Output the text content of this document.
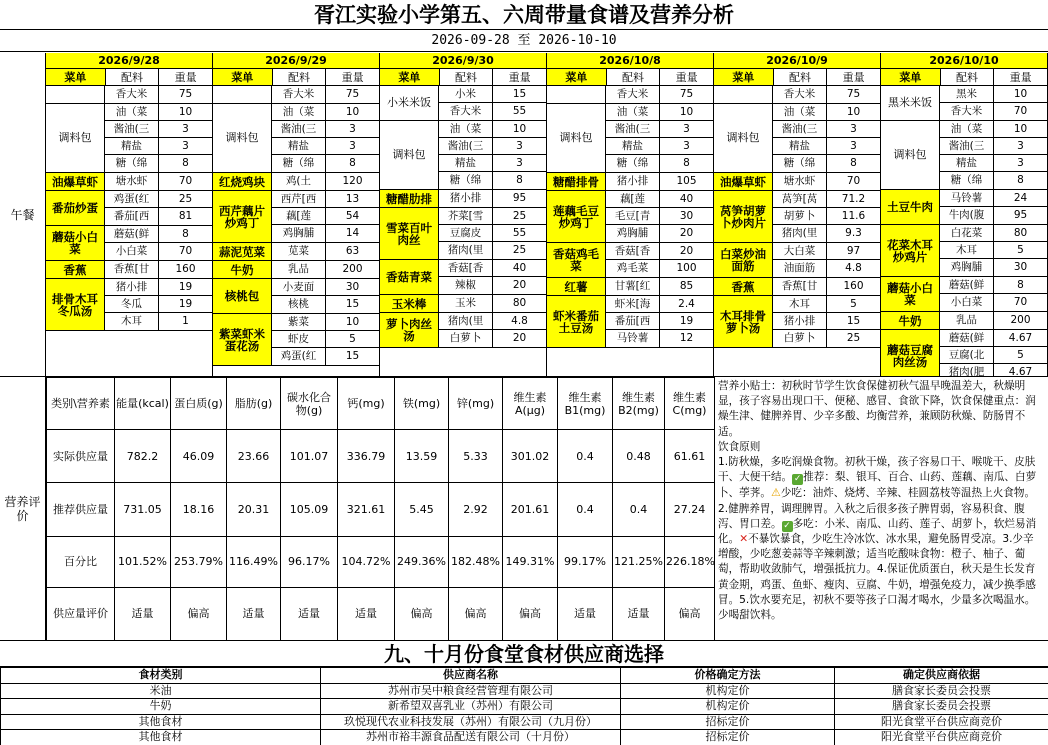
胥江实验小学第五、六周带量食谱及营养分析
2026-09-28 至 2026-10-10
午餐
2026/9/28
菜单	配料	重量
香大米	75
调料包
油（菜	10
酱油(三	3
精盐	3
糖（绵	8
油爆草虾	塘水虾	70
番茄炒蛋
鸡蛋(红	25
番茄[西	81
蘑菇小白菜
蘑菇(鲜	8
小白菜	70
香蕉	香蕉[甘	160
排骨木耳冬瓜汤
猪小排	19
冬瓜	19
木耳	1
2026/9/29
菜单	配料	重量
香大米	75
调料包
油（菜	10
酱油(三	3
精盐	3
糖（绵	8
红烧鸡块	鸡(土	120
西芹藕片炒鸡丁
西芹[西	13
藕[莲	54
鸡胸脯	14
蒜泥苋菜	苋菜	63
牛奶	乳品	200
核桃包
小麦面	30
核桃	15
紫菜虾米蛋花汤
紫菜	10
虾皮	5
鸡蛋(红	15
2026/9/30
菜单	配料	重量
小米米饭
小米	15
香大米	55
调料包
油（菜	10
酱油(三	3
精盐	3
糖（绵	8
糖醋肋排	猪小排	95
雪菜百叶肉丝
芥菜[雪	25
豆腐皮	55
猪肉(里	25
香菇青菜
香菇[香	40
辣椒	20
玉米棒	玉米	80
萝卜肉丝汤
猪肉(里	4.8
白萝卜	20
2026/10/8
菜单	配料	重量
香大米	75
调料包
油（菜	10
酱油(三	3
精盐	3
糖（绵	8
糖醋排骨	猪小排	105
莲藕毛豆炒鸡丁
藕[莲	40
毛豆[青	30
鸡胸脯	20
香菇鸡毛菜
香菇[香	20
鸡毛菜	100
红薯	甘薯[红	85
虾米番茄土豆汤
虾米[海	2.4
番茄[西	19
马铃薯	12
2026/10/9
菜单	配料	重量
香大米	75
调料包
油（菜	10
酱油(三	3
精盐	3
糖（绵	8
油爆草虾	塘水虾	70
莴笋胡萝卜炒肉片
莴笋[莴	71.2
胡萝卜	11.6
猪肉(里	9.3
白菜炒油面筋
大白菜	97
油面筋	4.8
香蕉	香蕉[甘	160
木耳排骨萝卜汤
木耳	5
猪小排	15
白萝卜	25
2026/10/10
菜单	配料	重量
黑米米饭
黑米	10
香大米	70
调料包
油（菜	10
酱油(三	3
精盐	3
糖（绵	8
土豆牛肉
马铃薯	24
牛肉(腹	95
花菜木耳炒鸡片
白花菜	80
木耳	5
鸡胸脯	30
蘑菇小白菜
蘑菇(鲜	8
小白菜	70
牛奶	乳品	200
蘑菇豆腐肉丝汤
蘑菇(鲜	4.67
豆腐(北	5
猪肉(肥	4.67
营养评价
类别\营养素	能量(kcal)	蛋白质(g)	脂肪(g)	碳水化合物(g)	钙(mg)	铁(mg)	锌(mg)	维生素A(μg)	维生素B1(mg)	维生素B2(mg)	维生素C(mg)
实际供应量	782.2	46.09	23.66	101.07	336.79	13.59	5.33	301.02	0.4	0.48	61.61
推荐供应量	731.05	18.16	20.31	105.09	321.61	5.45	2.92	201.61	0.4	0.4	27.24
百分比	101.52%	253.79%	116.49%	96.17%	104.72%	249.36%	182.48%	149.31%	99.17%	121.25%	226.18%
供应量评价	适量	偏高	适量	适量	适量	偏高	偏高	偏高	适量	适量	偏高
营养小贴士：初秋时节学生饮食保健初秋气温早晚温差大，秋燥明显，孩子容易出现口干、便秘、感冒、食欲下降，饮食保健重点：润燥生津、健脾养胃、少辛多酸、均衡营养，兼顾防秋燥、防肠胃不适。
饮食原则
1.防秋燥，多吃润燥食物。初秋干燥，孩子容易口干、喉咙干、皮肤干、大便干结。 ✓ 推荐：梨、银耳、百合、山药、莲藕、南瓜、白萝卜、荸荠。⚠少吃：油炸、烧烤、辛辣、桂圆荔枝等温热上火食物。2.健脾养胃，调理脾胃。入秋之后很多孩子脾胃弱，容易积食、腹泻、胃口差。 ✓ 多吃：小米、南瓜、山药、莲子、胡萝卜，软烂易消化。✕不暴饮暴食，少吃生冷冰饮、冰水果，避免肠胃受凉。3.少辛增酸，少吃葱姜蒜等辛辣刺激；适当吃酸味食物：橙子、柚子、葡萄，帮助收敛肺气，增强抵抗力。4.保证优质蛋白，秋天是生长发育黄金期，鸡蛋、鱼虾、瘦肉、豆腐、牛奶，增强免疫力，减少换季感冒。5.饮水要充足，初秋不要等孩子口渴才喝水，少量多次喝温水。少喝甜饮料。
九、十月份食堂食材供应商选择
食材类别	供应商名称	价格确定方法	确定供应商依据
米油	苏州市吴中粮食经营管理有限公司	机构定价	膳食家长委员会投票
牛奶	新希望双喜乳业（苏州）有限公司	机构定价	膳食家长委员会投票
其他食材	玖悦现代农业科技发展（苏州）有限公司（九月份）	招标定价	阳光食堂平台供应商竞价
其他食材	苏州市裕丰源食品配送有限公司（十月份）	招标定价	阳光食堂平台供应商竞价
